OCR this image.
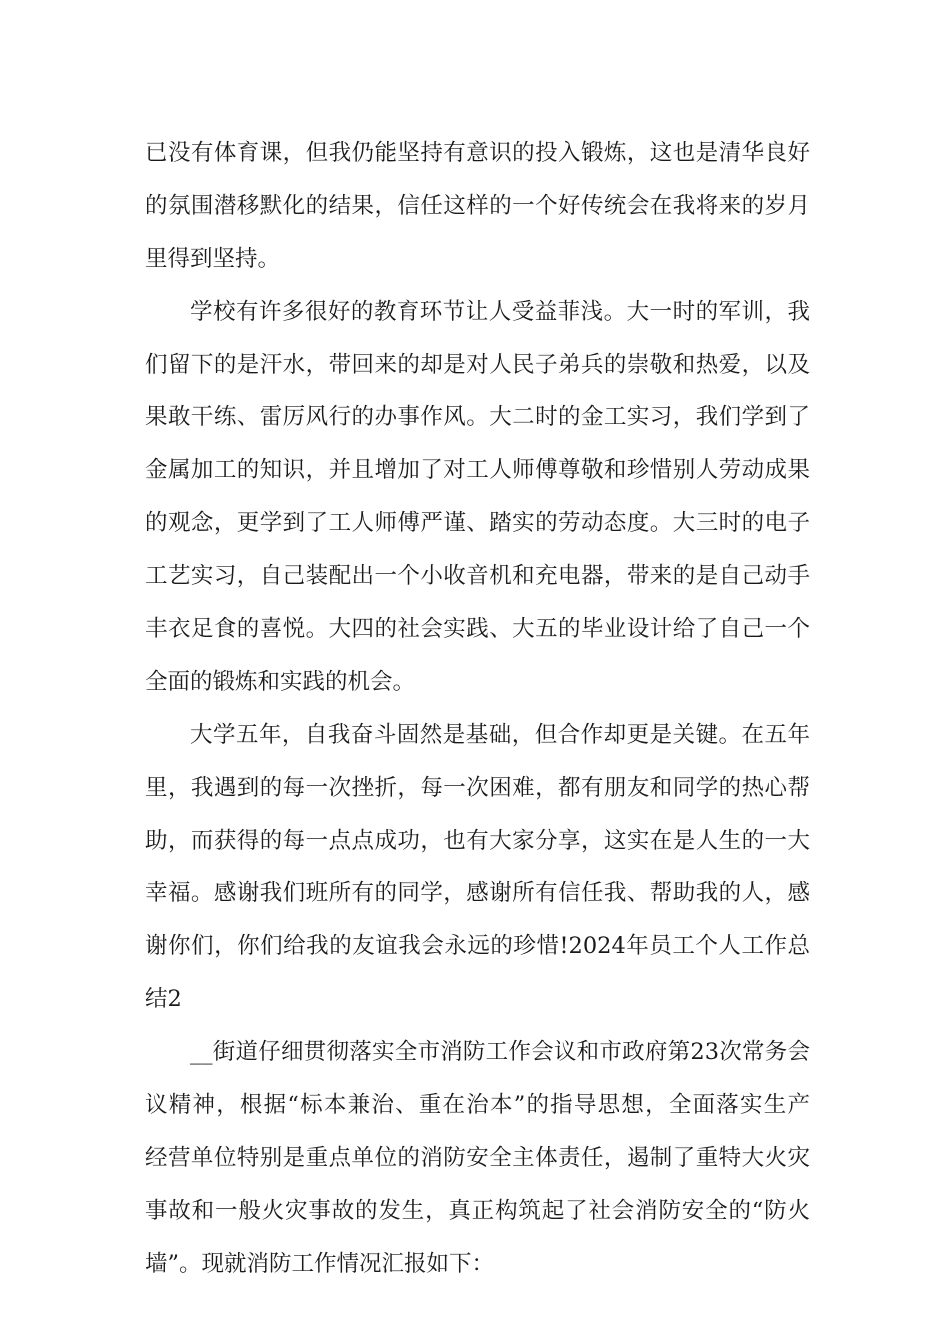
已没有体育课，但我仍能坚持有意识的投入锻炼，这也是清华良好
的氛围潜移默化的结果，信任这样的一个好传统会在我将来的岁月
里得到坚持。
学校有许多很好的教育环节让人受益菲浅。大一时的军训，我
们留下的是汗水，带回来的却是对人民子弟兵的崇敬和热爱，以及
果敢干练、雷厉风行的办事作风。大二时的金工实习，我们学到了
金属加工的知识，并且增加了对工人师傅尊敬和珍惜别人劳动成果
的观念，更学到了工人师傅严谨、踏实的劳动态度。大三时的电子
工艺实习，自己装配出一个小收音机和充电器，带来的是自己动手
丰衣足食的喜悦。大四的社会实践、大五的毕业设计给了自己一个
全面的锻炼和实践的机会。
大学五年，自我奋斗固然是基础，但合作却更是关键。在五年
里，我遇到的每一次挫折，每一次困难，都有朋友和同学的热心帮
助，而获得的每一点点成功，也有大家分享，这实在是人生的一大
幸福。感谢我们班所有的同学，感谢所有信任我、帮助我的人，感
谢你们，你们给我的友谊我会永远的珍惜!2024年员工个人工作总
结2
__街道仔细贯彻落实全市消防工作会议和市政府第23次常务会
议精神，根据“标本兼治、重在治本”的指导思想，全面落实生产
经营单位特别是重点单位的消防安全主体责任，遏制了重特大火灾
事故和一般火灾事故的发生，真正构筑起了社会消防安全的“防火
墙”。现就消防工作情况汇报如下：
